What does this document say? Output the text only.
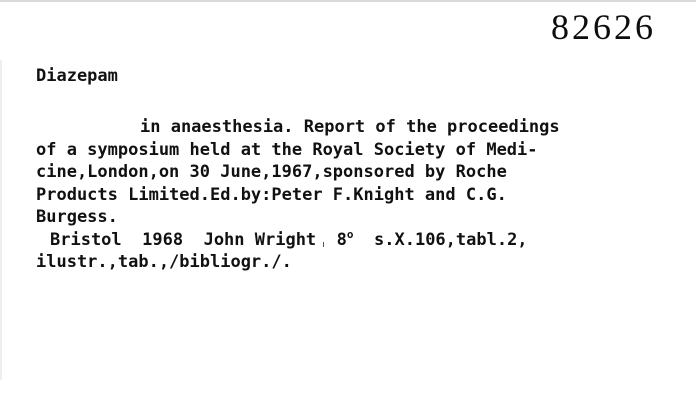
82626
Diazepam
in anaesthesia. Report of the proceedings
of a symposium held at the Royal Society of Medi-
cine,London,on 30 June,1967,sponsored by Roche
Products Limited.Ed.by:Peter F.Knight and C.G.
Burgess.
Bristol 1968 John Wright 8$^o$ s.X.106,tabl.2,
ilustr.,tab.,/bibliogr./.
